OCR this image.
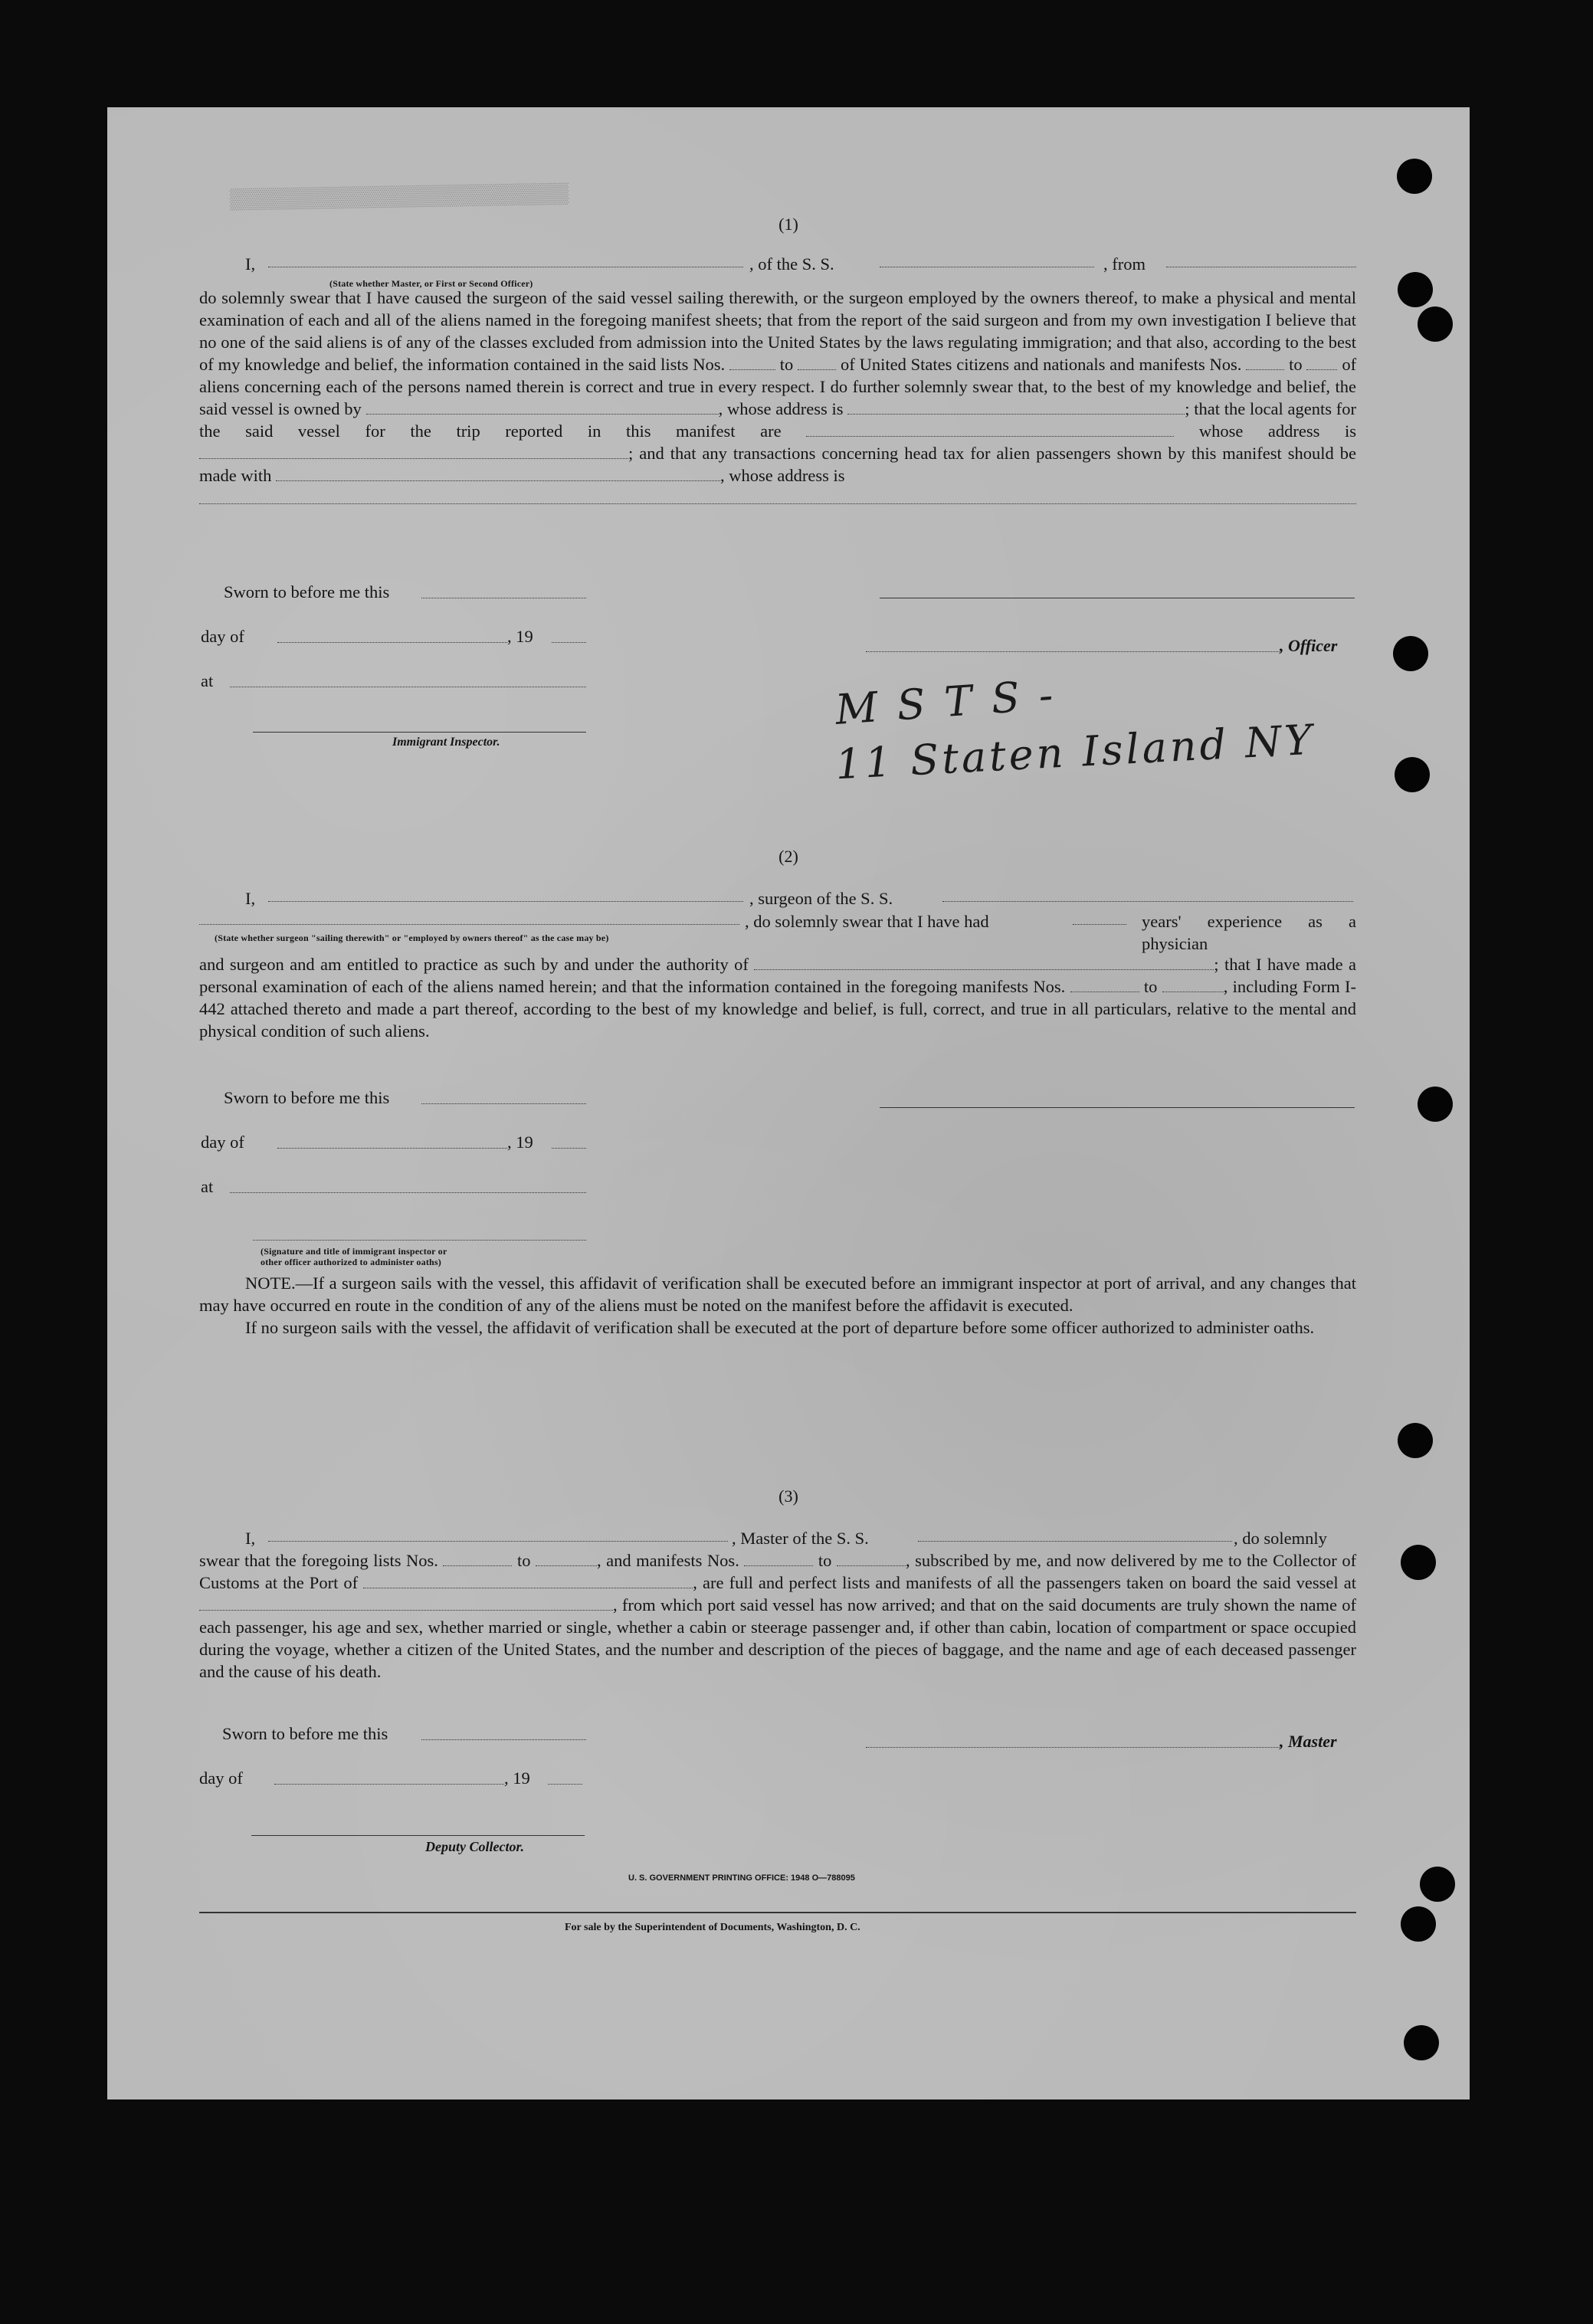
▒▒▒▒▒▒▒▒▒▒▒▒▒▒▒▒▒▒▒▒▒▒▒▒
(1)
I,	, of the S. S.	, from
(State whether Master, or First or Second Officer)
do solemnly swear that I have caused the surgeon of the said vessel sailing therewith, or the surgeon employed by the owners thereof, to make a physical and mental examination of each and all of the aliens named in the foregoing manifest sheets; that from the report of the said surgeon and from my own investigation I believe that no one of the said aliens is of any of the classes excluded from admission into the United States by the laws regulating immigration; and that also, according to the best of my knowledge and belief, the information contained in the said lists Nos.	to	of United States citizens and nationals and manifests Nos.	to of aliens concerning each of the persons named therein is correct and true in every respect. I do further solemnly swear that, to the best of my knowledge and belief, the said vessel is owned by	, whose address is	; that the local agents for the said vessel for the trip reported in this manifest are	whose address is ; and that any transactions concerning head tax for alien passengers shown by this manifest should be made with	, whose address is
Sworn to before me this
day of	, 19	, Officer
at
Immigrant Inspector.
M S T S -
11 Staten Island NY
(2)
I,	, surgeon of the S. S.
, do solemnly swear that I have had	years' experience as a physician
(State whether surgeon "sailing therewith" or "employed by owners thereof" as the case may be)
and surgeon and am entitled to practice as such by and under the authority of	; that I have made a personal examination of each of the aliens named herein; and that the information contained in the foregoing manifests Nos.	to	, including Form I-442 attached thereto and made a part thereof, according to the best of my knowledge and belief, is full, correct, and true in all particulars, relative to the mental and physical condition of such aliens.
Sworn to before me this
day of	, 19
at
(Signature and title of immigrant inspector or other officer authorized to administer oaths)
NOTE.—If a surgeon sails with the vessel, this affidavit of verification shall be executed before an immigrant inspector at port of arrival, and any changes that may have occurred en route in the condition of any of the aliens must be noted on the manifest before the affidavit is executed.
If no surgeon sails with the vessel, the affidavit of verification shall be executed at the port of departure before some officer authorized to administer oaths.
(3)
I,	, Master of the S. S.	, do solemnly
swear that the foregoing lists Nos.	to	, and manifests Nos.	to	, subscribed by me, and now delivered by me to the Collector of Customs at the Port of	, are full and perfect lists and manifests of all the passengers taken on board the said vessel at , from which port said vessel has now arrived; and that on the said documents are truly shown the name of each passenger, his age and sex, whether married or single, whether a cabin or steerage passenger and, if other than cabin, location of compartment or space occupied during the voyage, whether a citizen of the United States, and the number and description of the pieces of baggage, and the name and age of each deceased passenger and the cause of his death.
Sworn to before me this	, Master
day of	, 19
Deputy Collector.
U. S. GOVERNMENT PRINTING OFFICE: 1948 O—788095
For sale by the Superintendent of Documents, Washington, D. C.
